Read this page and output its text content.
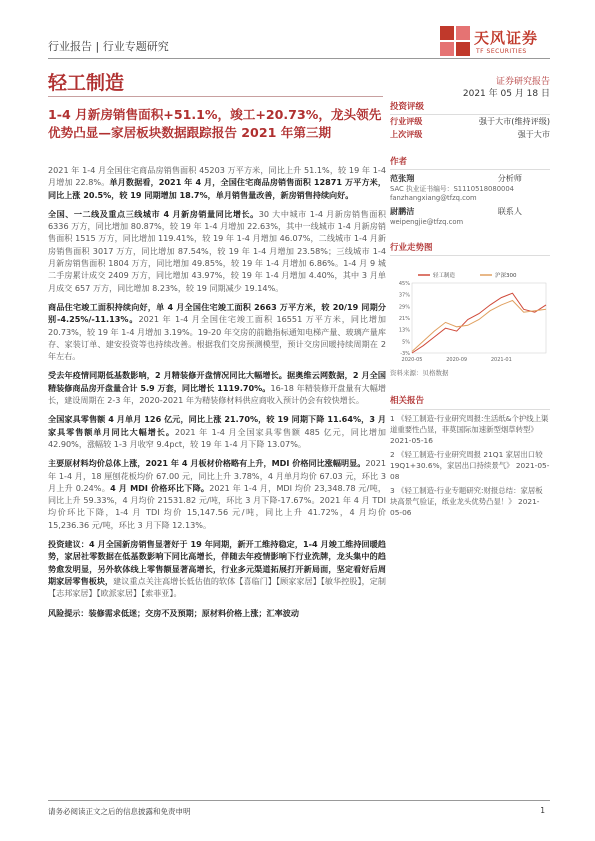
行业报告 | 行业专题研究	天风证券
TF SECURITIES
轻工制造	证券研究报告
2021 年 05 月 18 日
1-4 月新房销售面积+51.1%，竣工+20.73%，龙头领先优势凸显—家居板块数据跟踪报告 2021 年第三期

2021 年 1-4 月全国住宅商品房销售面积 45203 万平方米，同比上升 51.1%，较 19 年 1-4 月增加 22.8%。单月数据看，2021 年 4 月，全国住宅商品房销售面积 12871 万平方米，同比上涨 20.5%，较 19 同期增加 18.7%，单月销售量改善，新房销售持续向好。

全国、一二线及重点三线城市 4 月新房销量同比增长。30 大中城市 1-4 月新房销售面积 6336 万方，同比增加 80.87%，较 19 年 1-4 月增加 22.63%，其中一线城市 1-4 月新房销售面积 1515 万方，同比增加 119.41%，较 19 年 1-4 月增加 46.07%，二线城市 1-4 月新房销售面积 3017 万方，同比增加 87.54%，较 19 年 1-4 月增加 23.58%；三线城市 1-4 月新房销售面积 1804 万方，同比增加 49.85%，较 19 年 1-4 月增加 6.86%。1-4 月 9 城二手房累计成交 2409 万方，同比增加 43.97%，较 19 年 1-4 月增加 4.40%，其中 3 月单月成交 657 万方，同比增加 8.23%，较 19 同期减少 19.14%。

商品住宅竣工面积持续向好，单 4 月全国住宅竣工面积 2663 万平方米，较 20/19 同期分别-4.25%/-11.13%。2021 年 1-4 月全国住宅竣工面积 16551 万平方米，同比增加 20.73%，较 19 年 1-4 月增加 3.19%。19-20 年交房的前瞻指标通知电梯产量、玻璃产量库存、家装订单、建安投资等也持续改善。根据我们交房预测模型，预计交房回暖持续周期在 2 年左右。

受去年疫情同期低基数影响，2 月精装修开盘情况同比大幅增长。据奥维云网数据，2 月全国精装修商品房开盘量合计 5.9 万套，同比增长 1119.70%。16-18 年精装修开盘量有大幅增长，建设周期在 2-3 年，2020-2021 年为精装修材料供应商收入预计仍会有较快增长。

全国家具零售额 4 月单月 126 亿元，同比上涨 21.70%，较 19 同期下降 11.64%，3 月家具零售额单月同比大幅增长。2021 年 1-4 月全国家具零售额 485 亿元，同比增加 42.90%，涨幅较 1-3 月收窄 9.4pct，较 19 年 1-4 月下降 13.07%。

主要原材料均价总体上涨，2021 年 4 月板材价格略有上升，MDI 价格同比涨幅明显。2021 年 1-4 月，18 厘刨花板均价 67.00 元，同比上升 3.78%，4 月单月均价 67.03 元，环比 3 月上升 0.24%。4 月 MDI 价格环比下降。2021 年 1-4 月，MDI 均价 23,348.78 元/吨，同比上升 59.33%，4 月均价 21531.82 元/吨，环比 3 月下降-17.67%。2021 年 4 月 TDI 均价环比下降，1-4 月 TDI 均价 15,147.56 元/吨，同比上升 41.72%，4 月均价 15,236.36 元/吨，环比 3 月下降 12.13%。

投资建议：4 月全国新房销售显著好于 19 年同期，新开工维持稳定，1-4 月竣工维持回暖趋势，家居社零数据在低基数影响下同比高增长，伴随去年疫情影响下行业洗牌，龙头集中的趋势愈发明显，另外软体线上零售额显著高增长，行业多元渠道拓展打开新局面，坚定看好后周期家居零售板块，建议重点关注高增长低估值的软体【喜临门】【顾家家居】【敏华控股】，定制【志邦家居】【欧派家居】【索菲亚】。

风险提示：装修需求低迷；交房不及预期；原材料价格上涨；汇率波动

投资评级
行业评级	强于大市(维持评级)
上次评级	强于大市
作者
范张翔	分析师
SAC 执业证书编号：S1110518080004
fanzhangxiang@tfzq.com
尉鹏洁	联系人
weipengjie@tfzq.com
行业走势图
45%
37%
29%
21%
13%
5%
-3%
2020-05	2020-09	2021-01
轻工制造	沪深300
资料来源：贝格数据
相关报告
1 《轻工制造-行业研究周报:生活纸&个护线上渠道重要性凸显，菲莫国际加速新型烟草转型》 2021-05-16
2 《轻工制造-行业研究周报 21Q1 家居出口较 19Q1+30.6%，家居出口持续景气》 2021-05-08
3 《轻工制造-行业专题研究:财报总结：家居板块高景气验证，纸业龙头优势凸显！》 2021-05-06
请务必阅读正文之后的信息披露和免责申明	1
